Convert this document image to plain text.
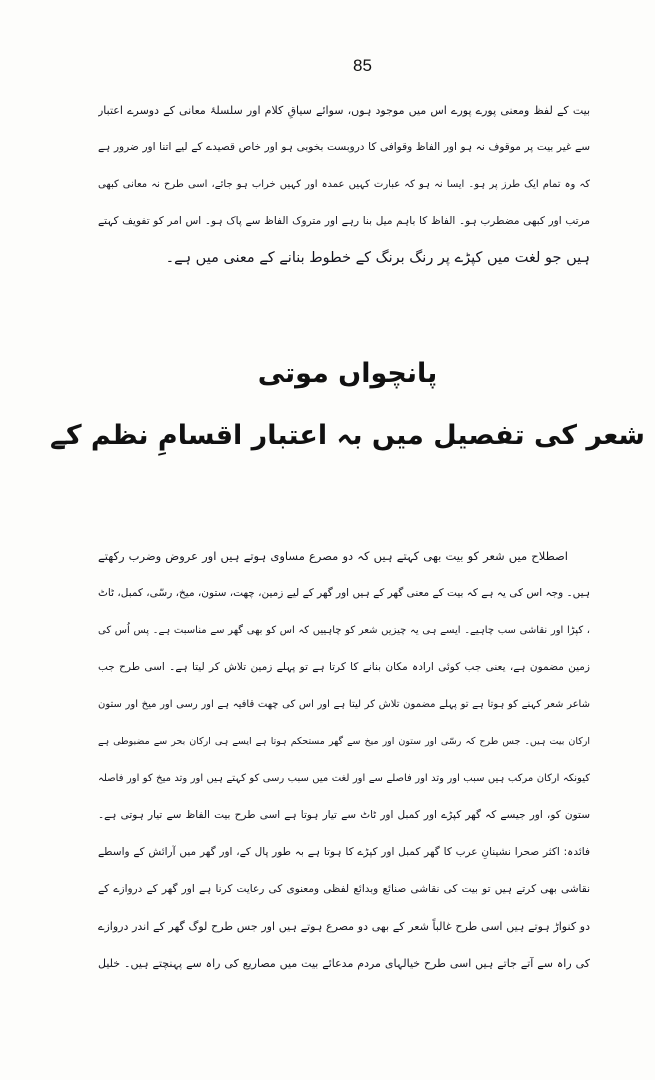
85
بیت کے لفظ ومعنی پورے پورے اس میں موجود ہوں، سوائے سیاقِ کلام اور سلسلۂ معانی کے دوسرے اعتبار
سے غیر بیت پر موقوف نہ ہو اور الفاظ وقوافی کا دروبست بخوبی ہو اور خاص قصیدے کے لیے اتنا اور ضرور ہے
کہ وہ تمام ایک طرز پر ہو۔ ایسا نہ ہو کہ عبارت کہیں عمدہ اور کہیں خراب ہو جائے، اسی طرح نہ معانی کبھی
مرتب اور کبھی مضطرب ہو۔ الفاظ کا باہم میل بنا رہے اور متروک الفاظ سے پاک ہو۔ اس امر کو تفویف کہتے
ہیں جو لغت میں کپڑے پر رنگ برنگ کے خطوط بنانے کے معنی میں ہے۔
پانچواں موتی
شعر کی تفصیل میں بہ اعتبار اقسامِ نظم کے
اصطلاح میں شعر کو بیت بھی کہتے ہیں کہ دو مصرع مساوی ہوتے ہیں اور عروض وضرب رکھتے
ہیں۔ وجہ اس کی یہ ہے کہ بیت کے معنی گھر کے ہیں اور گھر کے لیے زمین، چھت، ستون، میخ، رسّی، کمبل، ٹاٹ
، کپڑا اور نقاشی سب چاہیے۔ ایسے ہی یہ چیزیں شعر کو چاہییں کہ اس کو بھی گھر سے مناسبت ہے۔ پس اُس کی
زمین مضمون ہے، یعنی جب کوئی ارادہ مکان بنانے کا کرتا ہے تو پہلے زمین تلاش کر لیتا ہے۔ اسی طرح جب
شاعر شعر کہنے کو ہوتا ہے تو پہلے مضمون تلاش کر لیتا ہے اور اس کی چھت قافیہ ہے اور رسی اور میخ اور ستون
ارکان بیت ہیں۔ جس طرح کہ رسّی اور ستون اور میخ سے گھر مستحکم ہوتا ہے ایسے ہی ارکان بحر سے مضبوطی ہے
کیونکہ ارکان مرکب ہیں سبب اور وتد اور فاصلے سے اور لغت میں سبب رسی کو کہتے ہیں اور وتد میخ کو اور فاصلہ
ستون کو، اور جیسے کہ گھر کپڑے اور کمبل اور ٹاٹ سے تیار ہوتا ہے اسی طرح بیت الفاظ سے تیار ہوتی ہے۔
فائدہ: اکثر صحرا نشینانِ عرب کا گھر کمبل اور کپڑے کا ہوتا ہے بہ طور پال کے، اور گھر میں آرائش کے واسطے
نقاشی بھی کرتے ہیں تو بیت کی نقاشی صنائع وبدائع لفظی ومعنوی کی رعایت کرنا ہے اور گھر کے دروازے کے
دو کنواڑ ہوتے ہیں اسی طرح غالباً شعر کے بھی دو مصرع ہوتے ہیں اور جس طرح لوگ گھر کے اندر دروازے
کی راہ سے آتے جاتے ہیں اسی طرح خیالہای مردم مدعائے بیت میں مصاریع کی راہ سے پہنچتے ہیں۔ خلیل
